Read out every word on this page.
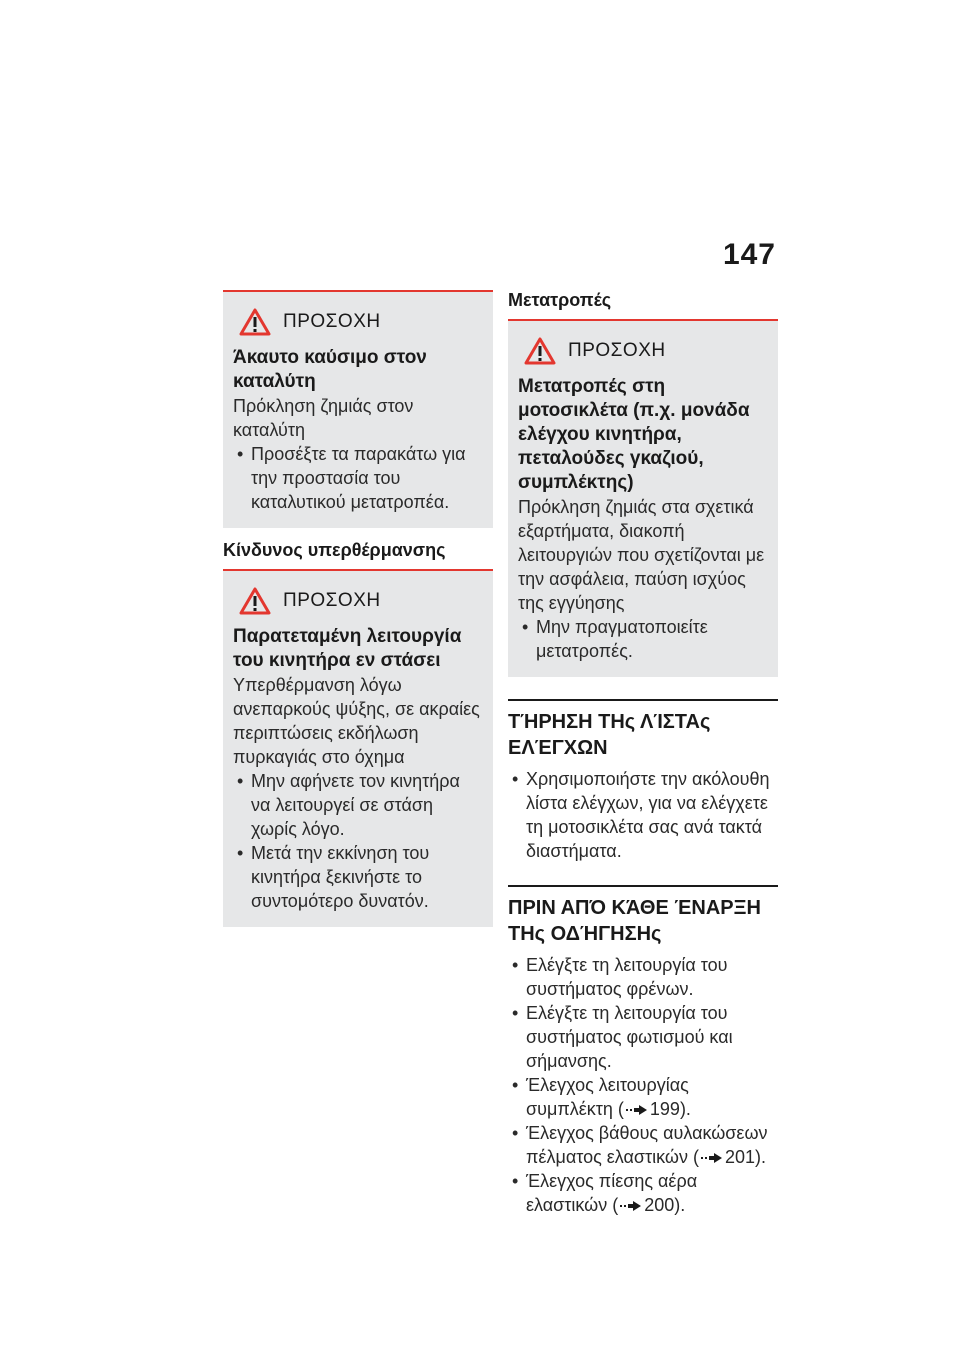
147
ΠΡΟΣΟΧΗ
Άκαυτο καύσιμο στον καταλύτη
Πρόκληση ζημιάς στον καταλύτη
• Προσέξτε τα παρακάτω για την προστασία του καταλυτικού μετατροπέα.
Κίνδυνος υπερθέρμανσης
ΠΡΟΣΟΧΗ
Παρατεταμένη λειτουργία του κινητήρα εν στάσει
Υπερθέρμανση λόγω ανεπαρκούς ψύξης, σε ακραίες περιπτώσεις εκδήλωση πυρκαγιάς στο όχημα
• Μην αφήνετε τον κινητήρα να λειτουργεί σε στάση χωρίς λόγο.
• Μετά την εκκίνηση του κινητήρα ξεκινήστε το συντομότερο δυνατόν.
Μετατροπές
ΠΡΟΣΟΧΗ
Μετατροπές στη μοτοσικλέτα (π.χ. μονάδα ελέγχου κινητήρα, πεταλούδες γκαζιού, συμπλέκτης)
Πρόκληση ζημιάς στα σχετικά εξαρτήματα, διακοπή λειτουργιών που σχετίζονται με την ασφάλεια, παύση ισχύος της εγγύησης
• Μην πραγματοποιείτε μετατροπές.
ΤΉΡΗΣΗ ΤΗς ΛΊΣΤΑς ΕΛΈΓΧΩΝ
• Χρησιμοποιήστε την ακόλουθη λίστα ελέγχων, για να ελέγχετε τη μοτοσικλέτα σας ανά τακτά διαστήματα.
ΠΡΙΝ ΑΠΌ ΚΆΘΕ ΈΝΑΡΞΗ ΤΗς ΟΔΉΓΗΣΗς
• Ελέγξτε τη λειτουργία του συστήματος φρένων.
• Ελέγξτε τη λειτουργία του συστήματος φωτισμού και σήμανσης.
• Έλεγχος λειτουργίας συμπλέκτη ( 199).
• Έλεγχος βάθους αυλακώσεων πέλματος ελαστικών ( 201).
• Έλεγχος πίεσης αέρα ελαστικών ( 200).
